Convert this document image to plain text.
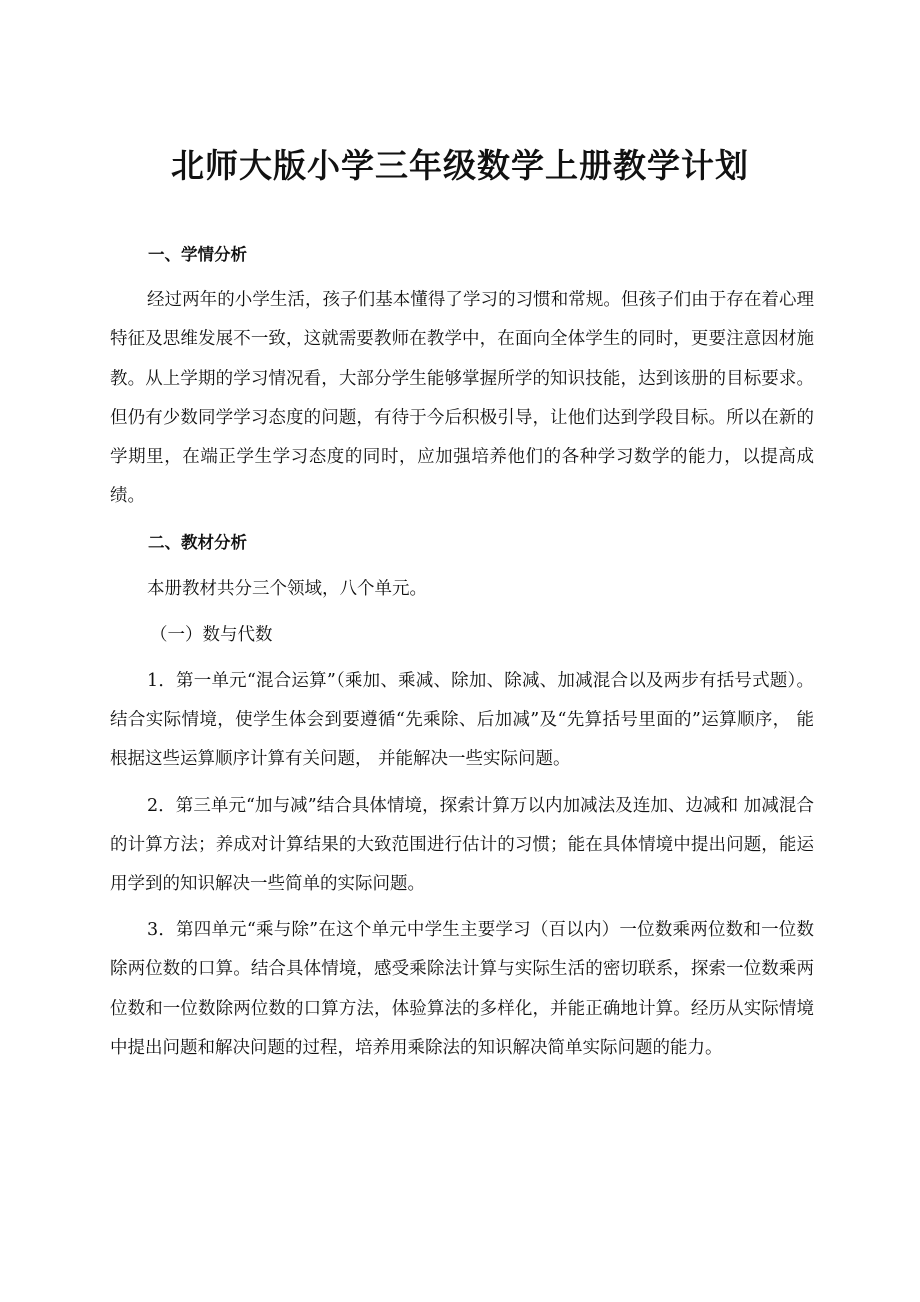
北师大版小学三年级数学上册教学计划

一、学情分析

经过两年的小学生活，孩子们基本懂得了学习的习惯和常规。但孩子们由于存在着心理特征及思维发展不一致，这就需要教师在教学中，在面向全体学生的同时，更要注意因材施教。从上学期的学习情况看，大部分学生能够掌握所学的知识技能，达到该册的目标要求。但仍有少数同学学习态度的问题，有待于今后积极引导，让他们达到学段目标。所以在新的学期里，在端正学生学习态度的同时，应加强培养他们的各种学习数学的能力，以提高成绩。

二、教材分析

本册教材共分三个领域，八个单元。

（一）数与代数

1．第一单元“混合运算”（乘加、乘减、除加、除减、加减混合以及两步有括号式题）。结合实际情境，使学生体会到要遵循“先乘除、后加减”及“先算括号里面的”运算顺序， 能根据这些运算顺序计算有关问题， 并能解决一些实际问题。

2．第三单元“加与减”结合具体情境，探索计算万以内加减法及连加、边减和 加减混合的计算方法；养成对计算结果的大致范围进行估计的习惯；能在具体情境中提出问题，能运用学到的知识解决一些简单的实际问题。

3．第四单元“乘与除”在这个单元中学生主要学习（百以内）一位数乘两位数和一位数除两位数的口算。结合具体情境，感受乘除法计算与实际生活的密切联系，探索一位数乘两位数和一位数除两位数的口算方法，体验算法的多样化，并能正确地计算。经历从实际情境中提出问题和解决问题的过程，培养用乘除法的知识解决简单实际问题的能力。
